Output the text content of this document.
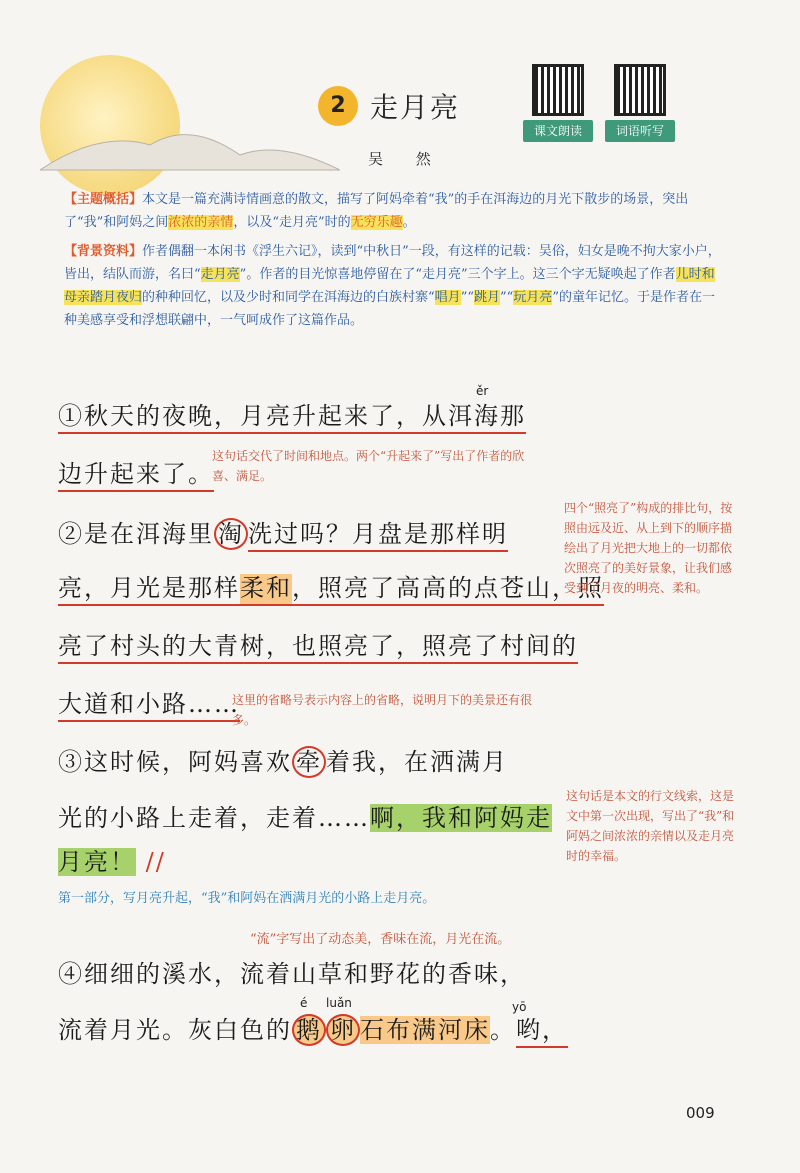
2 走月亮
吴 然
课文朗读	词语听写
【主题概括】本文是一篇充满诗情画意的散文，描写了阿妈牵着“我”的手在洱海边的月光下散步的场景，突出了“我”和阿妈之间浓浓的亲情，以及“走月亮”时的无穷乐趣。
【背景资料】作者偶翻一本闲书《浮生六记》，读到“中秋日”一段，有这样的记载：吴俗，妇女是晚不拘大家小户，皆出，结队而游，名曰“走月亮”。作者的目光惊喜地停留在了“走月亮”三个字上。这三个字无疑唤起了作者儿时和母亲踏月夜归的种种回忆，以及少时和同学在洱海边的白族村寨“唱月”“跳月”“玩月亮”的童年记忆。于是作者在一种美感享受和浮想联翩中，一气呵成作了这篇作品。
ěr
①秋天的夜晚，月亮升起来了，从洱海那
边升起来了。
这句话交代了时间和地点。两个“升起来了”写出了作者的欣喜、满足。
②是在洱海里 淘 洗过吗？月盘是那样明
亮，月光是那样柔和，照亮了高高的点苍山，照
亮了村头的大青树，也照亮了，照亮了村间的
大道和小路……
四个“照亮了”构成的排比句，按照由远及近、从上到下的顺序描绘出了月光把大地上的一切都依次照亮了的美好景象，让我们感受到了月夜的明亮、柔和。
这里的省略号表示内容上的省略，说明月下的美景还有很多。
③这时候，阿妈喜欢 牵 着我，在洒满月
光的小路上走着，走着……啊，我和阿妈走
月亮！ //
这句话是本文的行文线索，这是文中第一次出现，写出了“我”和阿妈之间浓浓的亲情以及走月亮时的幸福。
第一部分，写月亮升起，“我”和阿妈在洒满月光的小路上走月亮。
“流”字写出了动态美，香味在流，月光在流。
④细细的溪水，流着山草和野花的香味，
é luǎn	yō
流着月光。灰白色的 鹅 卵 石布满河床。哟，
009
